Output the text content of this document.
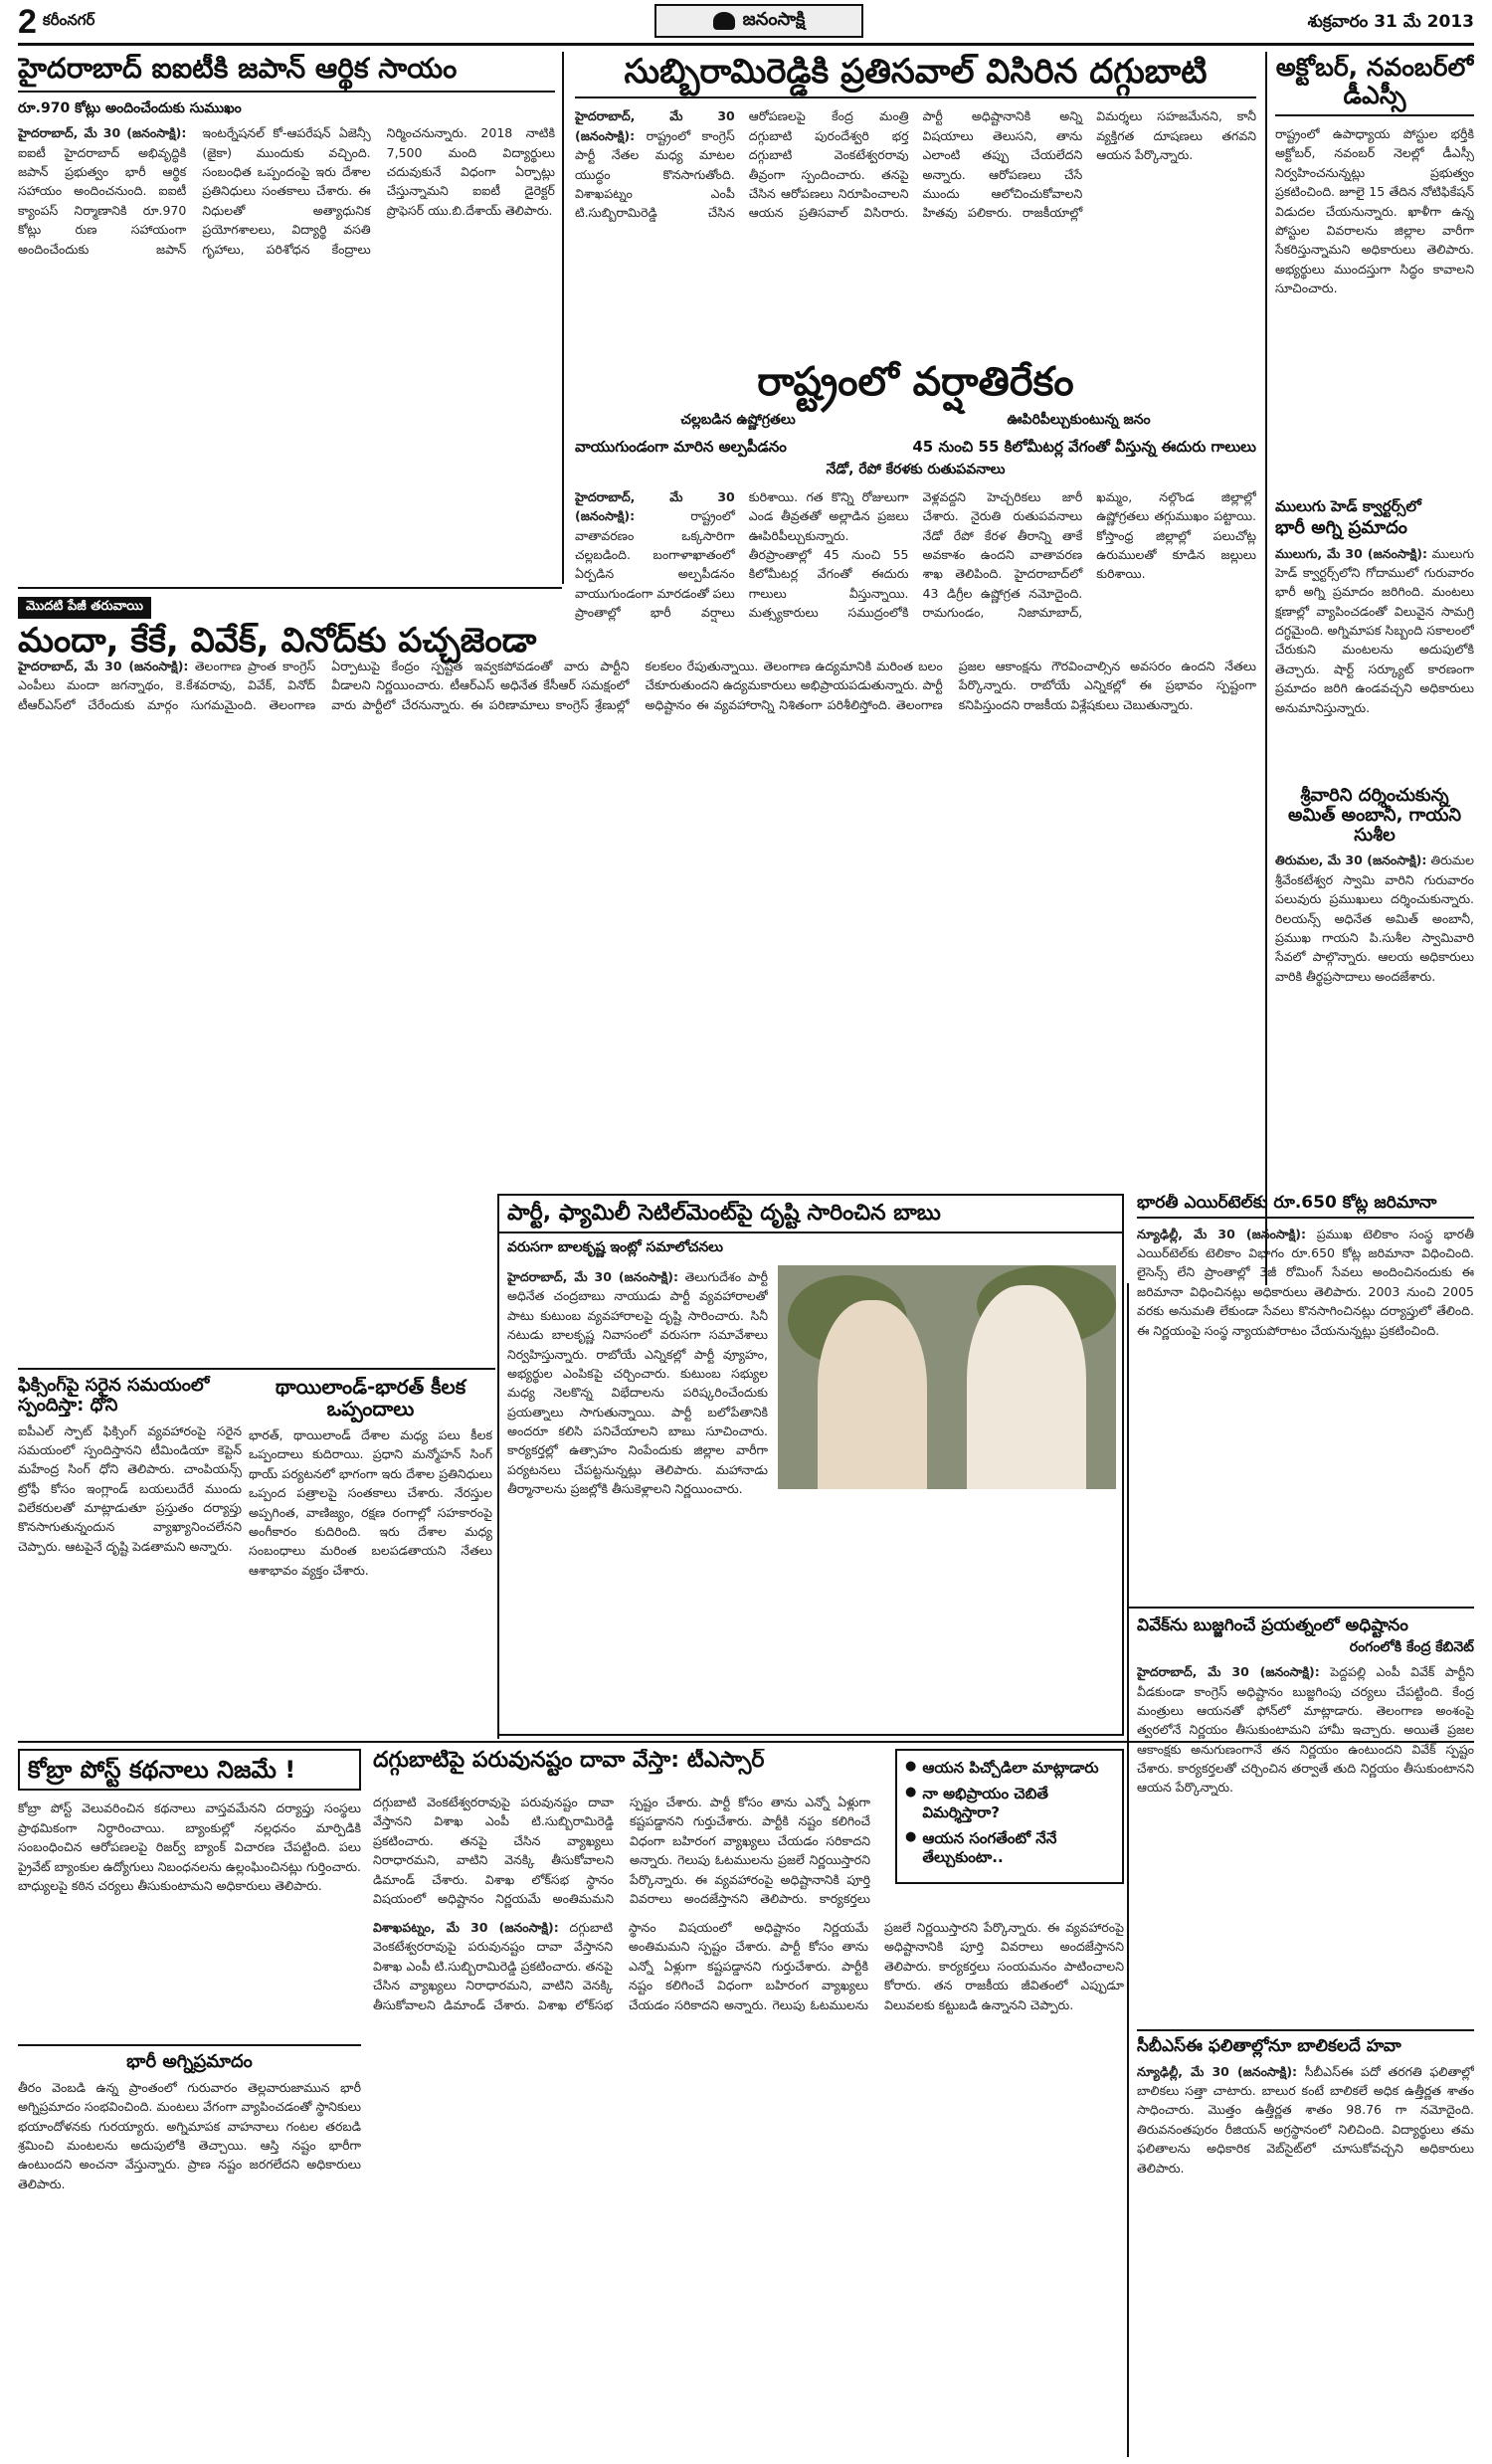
2 కరీంనగర్	జనంసాక్షి	శుక్రవారం 31 మే 2013
హైదరాబాద్ ఐఐటీకి జపాన్ ఆర్థిక సాయం
రూ.970 కోట్లు అందించేందుకు సుముఖం

హైదరాబాద్, మే 30 (జనంసాక్షి): ఐఐటీ హైదరాబాద్ అభివృద్ధికి జపాన్ ప్రభుత్వం భారీ ఆర్థిక సహాయం అందించనుంది. ఐఐటీ క్యాంపస్ నిర్మాణానికి రూ.970 కోట్లు రుణ సహాయంగా అందించేందుకు జపాన్ ఇంటర్నేషనల్ కో-ఆపరేషన్ ఏజెన్సీ (జైకా) ముందుకు వచ్చింది. సంబంధిత ఒప్పందంపై ఇరు దేశాల ప్రతినిధులు సంతకాలు చేశారు. ఈ నిధులతో అత్యాధునిక ప్రయోగశాలలు, విద్యార్థి వసతి గృహాలు, పరిశోధన కేంద్రాలు నిర్మించనున్నారు. 2018 నాటికి 7,500 మంది విద్యార్థులు చదువుకునే విధంగా ఏర్పాట్లు చేస్తున్నామని ఐఐటీ డైరెక్టర్ ప్రొఫెసర్ యు.బి.దేశాయ్ తెలిపారు.

సుబ్బిరామిరెడ్డికి ప్రతిసవాల్ విసిరిన దగ్గుబాటి

హైదరాబాద్, మే 30 (జనంసాక్షి): రాష్ట్రంలో కాంగ్రెస్ పార్టీ నేతల మధ్య మాటల యుద్ధం కొనసాగుతోంది. విశాఖపట్నం ఎంపీ టి.సుబ్బిరామిరెడ్డి చేసిన ఆరోపణలపై కేంద్ర మంత్రి దగ్గుబాటి పురందేశ్వరి భర్త దగ్గుబాటి వెంకటేశ్వరరావు తీవ్రంగా స్పందించారు. తనపై చేసిన ఆరోపణలు నిరూపించాలని ఆయన ప్రతిసవాల్ విసిరారు. పార్టీ అధిష్టానానికి అన్ని విషయాలు తెలుసని, తాను ఎలాంటి తప్పు చేయలేదని అన్నారు. ఆరోపణలు చేసే ముందు ఆలోచించుకోవాలని హితవు పలికారు. రాజకీయాల్లో విమర్శలు సహజమేనని, కానీ వ్యక్తిగత దూషణలు తగవని ఆయన పేర్కొన్నారు.

అక్టోబర్, నవంబర్‌లో డీఎస్సీ

రాష్ట్రంలో ఉపాధ్యాయ పోస్టుల భర్తీకి అక్టోబర్, నవంబర్ నెలల్లో డీఎస్సీ నిర్వహించనున్నట్లు ప్రభుత్వం ప్రకటించింది. జూలై 15 తేదిన నోటిఫికేషన్ విడుదల చేయనున్నారు. ఖాళీగా ఉన్న పోస్టుల వివరాలను జిల్లాల వారీగా సేకరిస్తున్నామని అధికారులు తెలిపారు. అభ్యర్థులు ముందస్తుగా సిద్ధం కావాలని సూచించారు.

ములుగు హెడ్ క్వార్టర్స్‌లో
భారీ అగ్ని ప్రమాదం

ములుగు, మే 30 (జనంసాక్షి): ములుగు హెడ్ క్వార్టర్స్‌లోని గోదాములో గురువారం భారీ అగ్ని ప్రమాదం జరిగింది. మంటలు క్షణాల్లో వ్యాపించడంతో విలువైన సామగ్రి దగ్ధమైంది. అగ్నిమాపక సిబ్బంది సకాలంలో చేరుకుని మంటలను అదుపులోకి తెచ్చారు. షార్ట్ సర్క్యూట్ కారణంగా ప్రమాదం జరిగి ఉండవచ్చని అధికారులు అనుమానిస్తున్నారు.

శ్రీవారిని దర్శించుకున్న అమిత్ అంబానీ, గాయని సుశీల

తిరుమల, మే 30 (జనంసాక్షి): తిరుమల శ్రీవేంకటేశ్వర స్వామి వారిని గురువారం పలువురు ప్రముఖులు దర్శించుకున్నారు. రిలయన్స్ అధినేత అమిత్ అంబానీ, ప్రముఖ గాయని పి.సుశీల స్వామివారి సేవలో పాల్గొన్నారు. ఆలయ అధికారులు వారికి తీర్థప్రసాదాలు అందజేశారు.

రాష్ట్రంలో వర్షాతిరేకం
చల్లబడిన ఉష్ణోగ్రతలు	ఊపిరిపీల్చుకుంటున్న జనం
వాయుగుండంగా మారిన అల్పపీడనం	45 నుంచి 55 కిలోమీటర్ల వేగంతో వీస్తున్న ఈదురు గాలులు
నేడో, రేపో కేరళకు రుతుపవనాలు

హైదరాబాద్, మే 30 (జనంసాక్షి):	రాష్ట్రంలో వాతావరణం ఒక్కసారిగా చల్లబడింది. బంగాళాఖాతంలో ఏర్పడిన అల్పపీడనం వాయుగుండంగా మారడంతో పలు ప్రాంతాల్లో భారీ వర్షాలు కురిశాయి. గత కొన్ని రోజులుగా ఎండ తీవ్రతతో అల్లాడిన ప్రజలు ఊపిరిపీల్చుకున్నారు. తీరప్రాంతాల్లో 45 నుంచి 55 కిలోమీటర్ల వేగంతో ఈదురు గాలులు వీస్తున్నాయి. మత్స్యకారులు సముద్రంలోకి వెళ్లవద్దని హెచ్చరికలు జారీ చేశారు. నైరుతి రుతుపవనాలు నేడో రేపో కేరళ తీరాన్ని తాకే అవకాశం ఉందని వాతావరణ శాఖ తెలిపింది. హైదరాబాద్‌లో 43 డిగ్రీల ఉష్ణోగ్రత నమోదైంది. రామగుండం, నిజామాబాద్, ఖమ్మం, నల్గొండ జిల్లాల్లో ఉష్ణోగ్రతలు తగ్గుముఖం పట్టాయి. కోస్తాంధ్ర జిల్లాల్లో పలుచోట్ల ఉరుములతో కూడిన జల్లులు కురిశాయి.

మొదటి పేజీ తరువాయి
మందా, కేకే, వివేక్, వినోద్‌కు పచ్చజెండా

హైదరాబాద్, మే 30 (జనంసాక్షి): తెలంగాణ ప్రాంత కాంగ్రెస్ ఎంపీలు మందా జగన్నాథం, కె.కేశవరావు, వివేక్, వినోద్ టీఆర్ఎస్‌లో చేరేందుకు మార్గం సుగమమైంది. తెలంగాణ ఏర్పాటుపై కేంద్రం స్పష్టత ఇవ్వకపోవడంతో వారు పార్టీని వీడాలని నిర్ణయించారు. టీఆర్ఎస్ అధినేత కేసీఆర్ సమక్షంలో వారు పార్టీలో చేరనున్నారు. ఈ పరిణామాలు కాంగ్రెస్ శ్రేణుల్లో కలకలం రేపుతున్నాయి. తెలంగాణ ఉద్యమానికి మరింత బలం చేకూరుతుందని ఉద్యమకారులు అభిప్రాయపడుతున్నారు. పార్టీ అధిష్టానం ఈ వ్యవహారాన్ని నిశితంగా పరిశీలిస్తోంది. తెలంగాణ ప్రజల ఆకాంక్షను గౌరవించాల్సిన అవసరం ఉందని నేతలు పేర్కొన్నారు. రాబోయే ఎన్నికల్లో ఈ ప్రభావం స్పష్టంగా కనిపిస్తుందని రాజకీయ విశ్లేషకులు చెబుతున్నారు.

పార్టీ, ఫ్యామిలీ సెటిల్‌మెంట్‌పై దృష్టి సారించిన బాబు
వరుసగా బాలకృష్ణ ఇంట్లో సమాలోచనలు

హైదరాబాద్, మే 30 (జనంసాక్షి): తెలుగుదేశం పార్టీ అధినేత చంద్రబాబు నాయుడు పార్టీ వ్యవహారాలతో పాటు కుటుంబ వ్యవహారాలపై దృష్టి సారించారు. సినీ నటుడు బాలకృష్ణ నివాసంలో వరుసగా సమావేశాలు నిర్వహిస్తున్నారు. రాబోయే ఎన్నికల్లో పార్టీ వ్యూహం, అభ్యర్థుల ఎంపికపై చర్చించారు. కుటుంబ సభ్యుల మధ్య నెలకొన్న విభేదాలను పరిష్కరించేందుకు ప్రయత్నాలు సాగుతున్నాయి. పార్టీ బలోపేతానికి అందరూ కలిసి పనిచేయాలని బాబు సూచించారు. కార్యకర్తల్లో ఉత్సాహం నింపేందుకు జిల్లాల వారీగా పర్యటనలు చేపట్టనున్నట్లు తెలిపారు. మహానాడు తీర్మానాలను ప్రజల్లోకి తీసుకెళ్లాలని నిర్ణయించారు.

భారతీ ఎయిర్‌టెల్‌కు రూ.650 కోట్ల జరిమానా

న్యూఢిల్లీ, మే 30 (జనంసాక్షి): ప్రముఖ టెలికాం సంస్థ భారతీ ఎయిర్‌టెల్‌కు టెలికాం విభాగం రూ.650 కోట్ల జరిమానా విధించింది. లైసెన్స్ లేని ప్రాంతాల్లో 3జీ రోమింగ్ సేవలు అందించినందుకు ఈ జరిమానా విధించినట్లు అధికారులు తెలిపారు. 2003 నుంచి 2005 వరకు అనుమతి లేకుండా సేవలు కొనసాగించినట్లు దర్యాప్తులో తేలింది. ఈ నిర్ణయంపై సంస్థ న్యాయపోరాటం చేయనున్నట్లు ప్రకటించింది.

ఫిక్సింగ్‌పై సరైన సమయంలో స్పందిస్తా: ధోని

ఐపీఎల్ స్పాట్ ఫిక్సింగ్ వ్యవహారంపై సరైన సమయంలో స్పందిస్తానని టీమిండియా కెప్టెన్ మహేంద్ర సింగ్ ధోని తెలిపారు. చాంపియన్స్ ట్రోఫీ కోసం ఇంగ్లాండ్ బయలుదేరే ముందు విలేకరులతో మాట్లాడుతూ ప్రస్తుతం దర్యాప్తు కొనసాగుతున్నందున వ్యాఖ్యానించలేనని చెప్పారు. ఆటపైనే దృష్టి పెడతామని అన్నారు.

థాయిలాండ్-భారత్ కీలక ఒప్పందాలు

భారత్, థాయిలాండ్ దేశాల మధ్య పలు కీలక ఒప్పందాలు కుదిరాయి. ప్రధాని మన్మోహన్ సింగ్ థాయ్ పర్యటనలో భాగంగా ఇరు దేశాల ప్రతినిధులు ఒప్పంద పత్రాలపై సంతకాలు చేశారు. నేరస్తుల అప్పగింత, వాణిజ్యం, రక్షణ రంగాల్లో సహకారంపై అంగీకారం కుదిరింది. ఇరు దేశాల మధ్య సంబంధాలు మరింత బలపడతాయని నేతలు ఆశాభావం వ్యక్తం చేశారు.

వివేక్‌ను బుజ్జగించే ప్రయత్నంలో అధిష్టానం
రంగంలోకి కేంద్ర కేబినెట్

హైదరాబాద్, మే 30 (జనంసాక్షి): పెద్దపల్లి ఎంపీ వివేక్ పార్టీని వీడకుండా కాంగ్రెస్ అధిష్టానం బుజ్జగింపు చర్యలు చేపట్టింది. కేంద్ర మంత్రులు ఆయనతో ఫోన్‌లో మాట్లాడారు. తెలంగాణ అంశంపై త్వరలోనే నిర్ణయం తీసుకుంటామని హామీ ఇచ్చారు. అయితే ప్రజల ఆకాంక్షకు అనుగుణంగానే తన నిర్ణయం ఉంటుందని వివేక్ స్పష్టం చేశారు. కార్యకర్తలతో చర్చించిన తర్వాతే తుది నిర్ణయం తీసుకుంటానని ఆయన పేర్కొన్నారు.

సీబీఎస్‌ఈ ఫలితాల్లోనూ బాలికలదే హవా

న్యూఢిల్లీ, మే 30 (జనంసాక్షి): సీబీఎస్‌ఈ పదో తరగతి ఫలితాల్లో బాలికలు సత్తా చాటారు. బాలుర కంటే బాలికలే అధిక ఉత్తీర్ణత శాతం సాధించారు. మొత్తం ఉత్తీర్ణత శాతం 98.76 గా నమోదైంది. తిరువనంతపురం రీజియన్ అగ్రస్థానంలో నిలిచింది. విద్యార్థులు తమ ఫలితాలను అధికారిక వెబ్‌సైట్‌లో చూసుకోవచ్చని అధికారులు తెలిపారు.

కోబ్రా పోస్ట్ కథనాలు నిజమే !

కోబ్రా పోస్ట్ వెలువరించిన కథనాలు వాస్తవమేనని దర్యాప్తు సంస్థలు ప్రాథమికంగా నిర్ధారించాయి. బ్యాంకుల్లో నల్లధనం మార్పిడికి సంబంధించిన ఆరోపణలపై రిజర్వ్ బ్యాంక్ విచారణ చేపట్టింది. పలు ప్రైవేట్ బ్యాంకుల ఉద్యోగులు నిబంధనలను ఉల్లంఘించినట్లు గుర్తించారు. బాధ్యులపై కఠిన చర్యలు తీసుకుంటామని అధికారులు తెలిపారు.

భారీ అగ్నిప్రమాదం

తీరం వెంబడి ఉన్న ప్రాంతంలో గురువారం తెల్లవారుజామున భారీ అగ్నిప్రమాదం సంభవించింది. మంటలు వేగంగా వ్యాపించడంతో స్థానికులు భయాందోళనకు గురయ్యారు. అగ్నిమాపక వాహనాలు గంటల తరబడి శ్రమించి మంటలను అదుపులోకి తెచ్చాయి. ఆస్తి నష్టం భారీగా ఉంటుందని అంచనా వేస్తున్నారు. ప్రాణ నష్టం జరగలేదని అధికారులు తెలిపారు.

దగ్గుబాటిపై పరువునష్టం దావా వేస్తా: టీఎస్సార్	● ఆయన పిచ్చోడిలా మాట్లాడారు
● నా అభిప్రాయం చెబితే విమర్శిస్తారా?
● ఆయన సంగతేంటో నేనే తేల్చుకుంటా..

విశాఖపట్నం, మే 30 (జనంసాక్షి): దగ్గుబాటి వెంకటేశ్వరరావుపై పరువునష్టం దావా వేస్తానని విశాఖ ఎంపీ టి.సుబ్బిరామిరెడ్డి ప్రకటించారు. తనపై చేసిన వ్యాఖ్యలు నిరాధారమని, వాటిని వెనక్కి తీసుకోవాలని డిమాండ్ చేశారు. విశాఖ లోక్‌సభ స్థానం విషయంలో అధిష్టానం నిర్ణయమే అంతిమమని స్పష్టం చేశారు. పార్టీ కోసం తాను ఎన్నో ఏళ్లుగా కష్టపడ్డానని గుర్తుచేశారు. పార్టీకి నష్టం కలిగించే విధంగా బహిరంగ వ్యాఖ్యలు చేయడం సరికాదని అన్నారు. గెలుపు ఓటములను ప్రజలే నిర్ణయిస్తారని పేర్కొన్నారు. ఈ వ్యవహారంపై అధిష్టానానికి పూర్తి వివరాలు అందజేస్తానని తెలిపారు. కార్యకర్తలు సంయమనం పాటించాలని కోరారు. తన రాజకీయ జీవితంలో ఎప్పుడూ విలువలకు కట్టుబడి ఉన్నానని చెప్పారు.

దగ్గుబాటి వెంకటేశ్వరరావుపై పరువునష్టం దావా వేస్తానని విశాఖ ఎంపీ టి.సుబ్బిరామిరెడ్డి ప్రకటించారు. తనపై చేసిన వ్యాఖ్యలు నిరాధారమని, వాటిని వెనక్కి తీసుకోవాలని డిమాండ్ చేశారు. విశాఖ లోక్‌సభ స్థానం విషయంలో అధిష్టానం నిర్ణయమే అంతిమమని స్పష్టం చేశారు. పార్టీ కోసం తాను ఎన్నో ఏళ్లుగా కష్టపడ్డానని గుర్తుచేశారు. పార్టీకి నష్టం కలిగించే విధంగా బహిరంగ వ్యాఖ్యలు చేయడం సరికాదని అన్నారు. గెలుపు ఓటములను ప్రజలే నిర్ణయిస్తారని పేర్కొన్నారు. ఈ వ్యవహారంపై అధిష్టానానికి పూర్తి వివరాలు అందజేస్తానని తెలిపారు. కార్యకర్తలు
